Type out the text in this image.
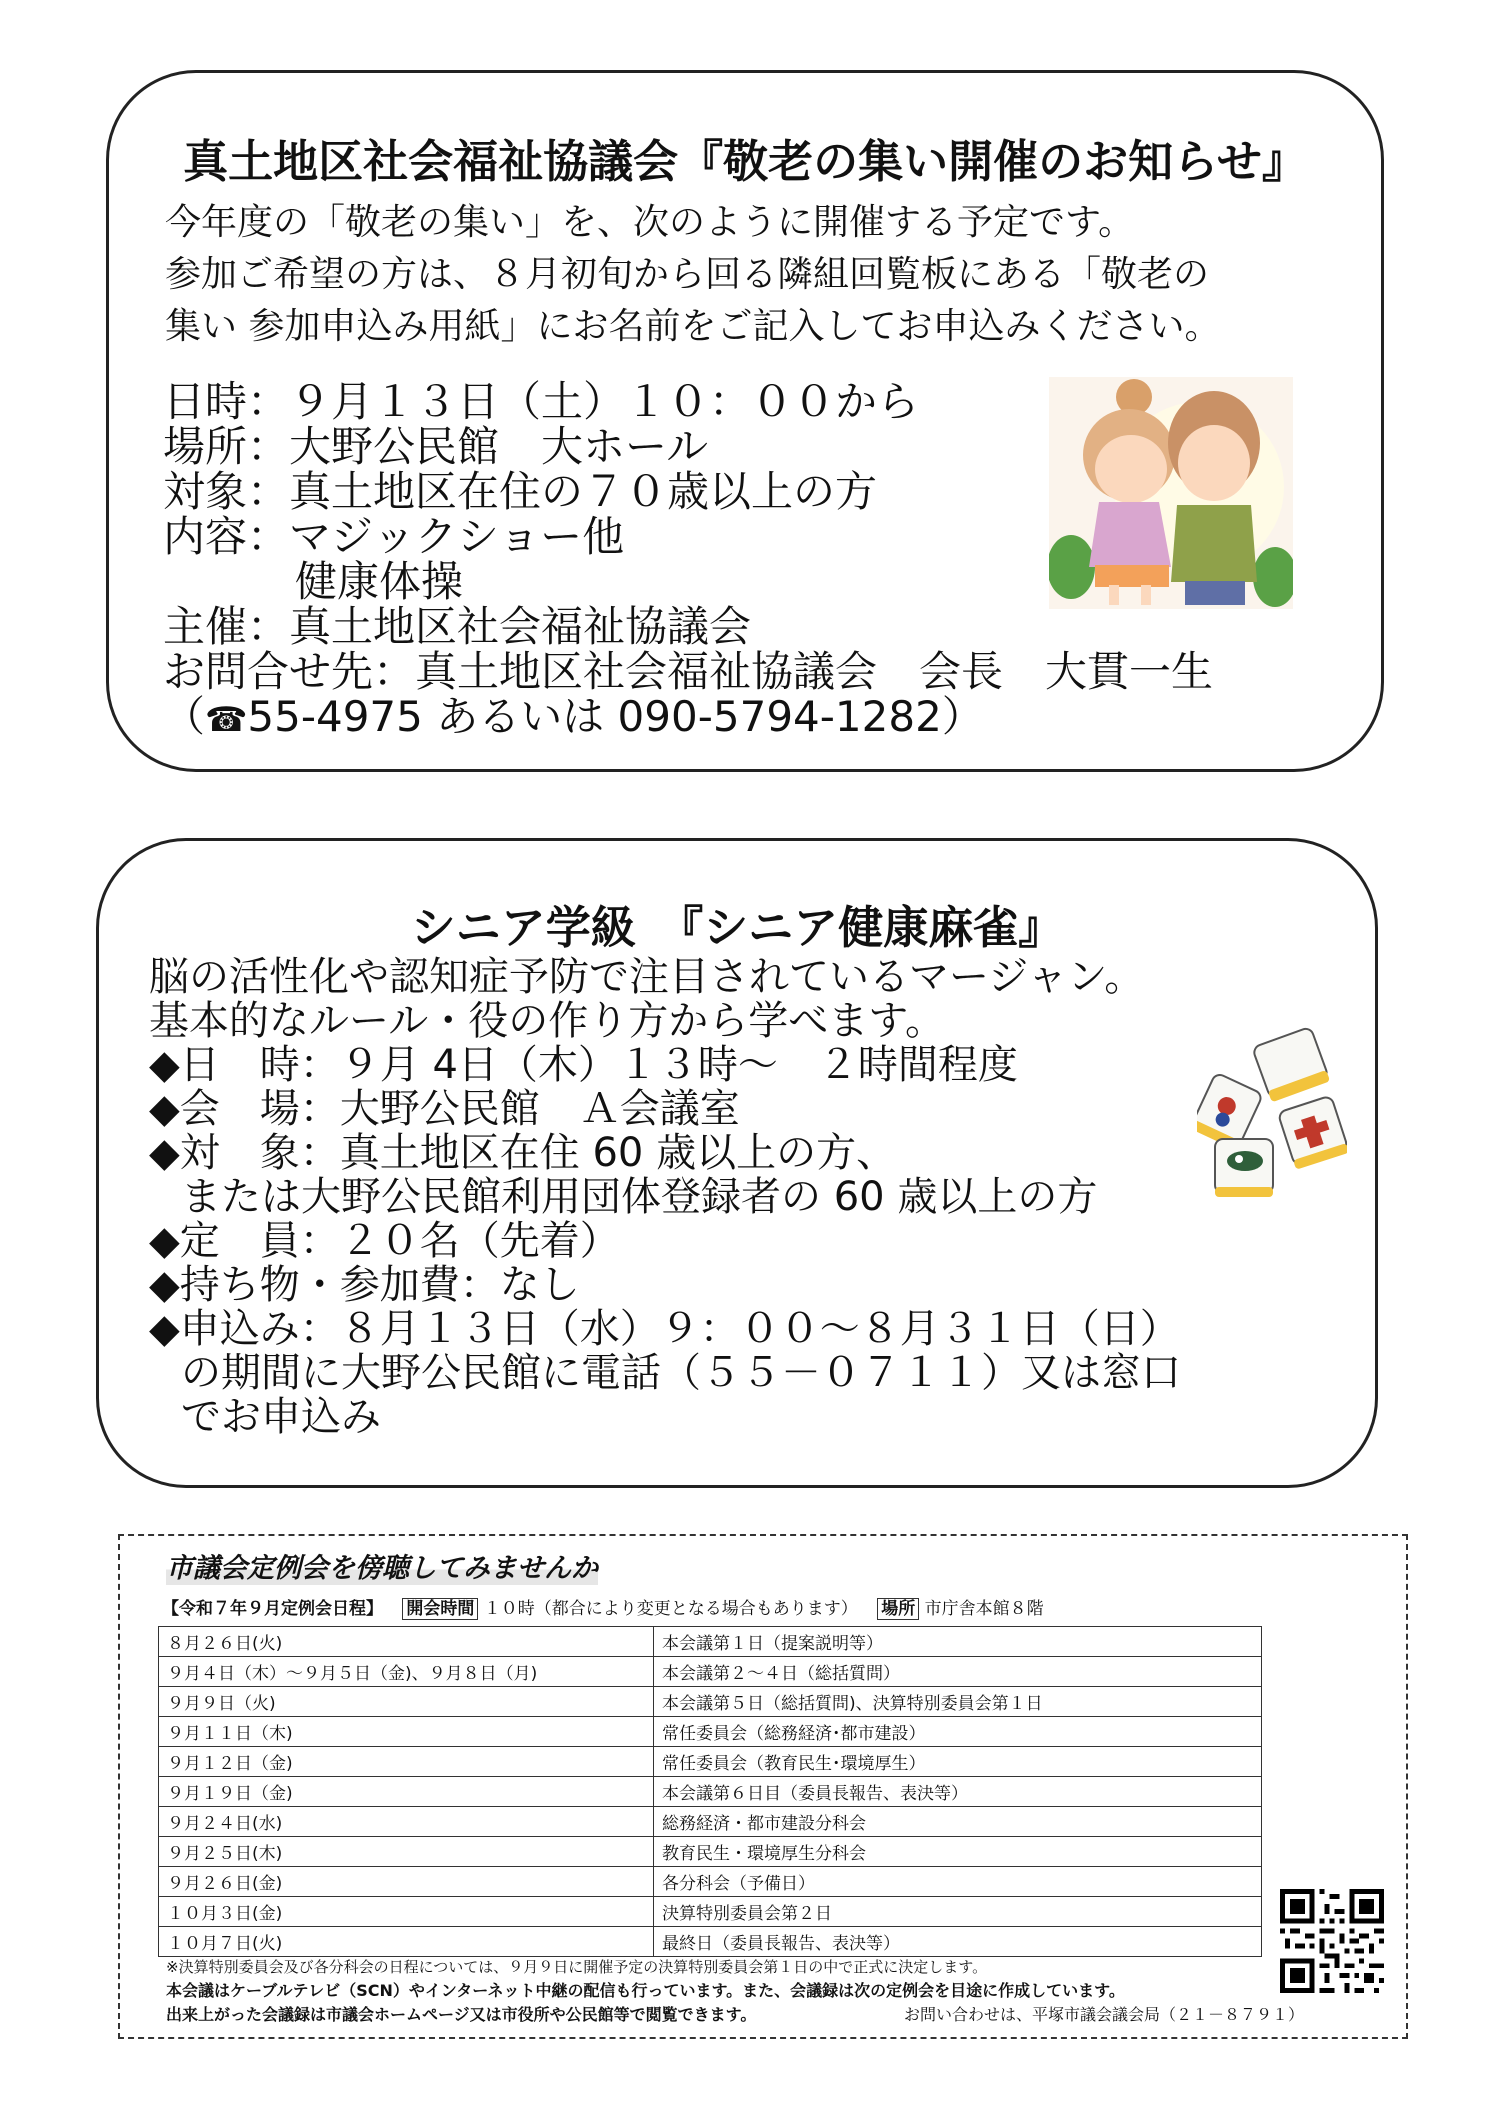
真土地区社会福祉協議会『敬老の集い開催のお知らせ』
今年度の「敬老の集い」を、次のように開催する予定です。
参加ご希望の方は、８月初旬から回る隣組回覧板にある「敬老の
集い 参加申込み用紙」にお名前をご記入してお申込みください。
日時：９月１３日（土）１０：００から
場所：大野公民館　大ホール
対象：真土地区在住の７０歳以上の方
内容：マジックショー他
健康体操
主催：真土地区社会福祉協議会
お問合せ先：真土地区社会福祉協議会　会長　大貫一生
（☎55-4975 あるいは 090-5794-1282）
シニア学級　『シニア健康麻雀』
脳の活性化や認知症予防で注目されているマージャン。
基本的なルール・役の作り方から学べます。
◆日　時：９月 4日（木）１３時～　２時間程度
◆会　場：大野公民館　Ａ会議室
◆対　象：真土地区在住 60 歳以上の方、
または大野公民館利用団体登録者の 60 歳以上の方
◆定　員：２０名（先着）
◆持ち物・参加費：なし
◆申込み：８月１３日（水）９：００～８月３１日（日）
の期間に大野公民館に電話（５５－０７１１）又は窓口
でお申込み
市議会定例会を傍聴してみませんか
【令和７年９月定例会日程】 開会時間 １０時（都合により変更となる場合もあります） 場所 市庁舎本館８階
８月２６日(火)	本会議第１日（提案説明等）
９月４日（木）～９月５日（金)、９月８日（月)	本会議第２～４日（総括質問）
９月９日（火)	本会議第５日（総括質問)、決算特別委員会第１日
９月１１日（木)	常任委員会（総務経済･都市建設）
９月１２日（金)	常任委員会（教育民生･環境厚生）
９月１９日（金)	本会議第６日目（委員長報告、表決等）
９月２４日(水)	総務経済・都市建設分科会
９月２５日(木)	教育民生・環境厚生分科会
９月２６日(金)	各分科会（予備日）
１０月３日(金)	決算特別委員会第２日
１０月７日(火)	最終日（委員長報告、表決等）
※決算特別委員会及び各分科会の日程については、９月９日に開催予定の決算特別委員会第１日の中で正式に決定します。
本会議はケーブルテレビ（SCN）やインターネット中継の配信も行っています。また、会議録は次の定例会を目途に作成しています。
出来上がった会議録は市議会ホームページ又は市役所や公民館等で閲覧できます。	お問い合わせは、平塚市議会議会局（２１－８７９１）
